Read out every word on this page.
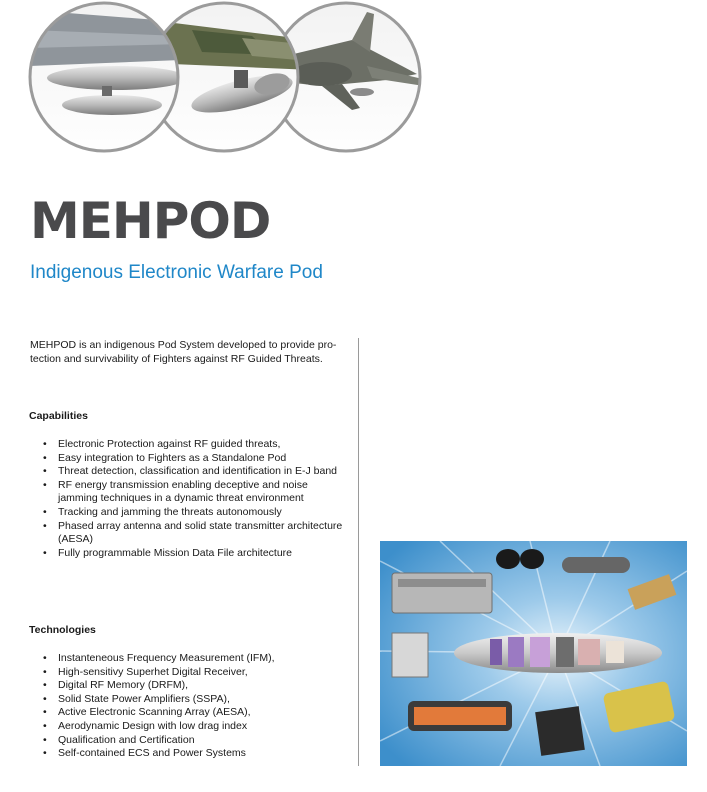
MEHPOD
Indigenous Electronic Warfare Pod

MEHPOD is an indigenous Pod System developed to provide pro-tection and survivability of Fighters against RF Guided Threats.

Capabilities
• Electronic Protection against RF guided threats,
• Easy integration to Fighters as a Standalone Pod
• Threat detection, classification and identification in E-J band
• RF energy transmission enabling deceptive and noise jamming techniques in a dynamic threat environment
• Tracking and jamming the threats autonomously
• Phased array antenna and solid state transmitter architecture (AESA)
• Fully programmable Mission Data File architecture
Technologies
• Instanteneous Frequency Measurement (IFM),
• High-sensitivy Superhet Digital Receiver,
• Digital RF Memory (DRFM),
• Solid State Power Amplifiers (SSPA),
• Active Electronic Scanning Array (AESA),
• Aerodynamic Design with low drag index
• Qualification and Certification
• Self-contained ECS and Power Systems
